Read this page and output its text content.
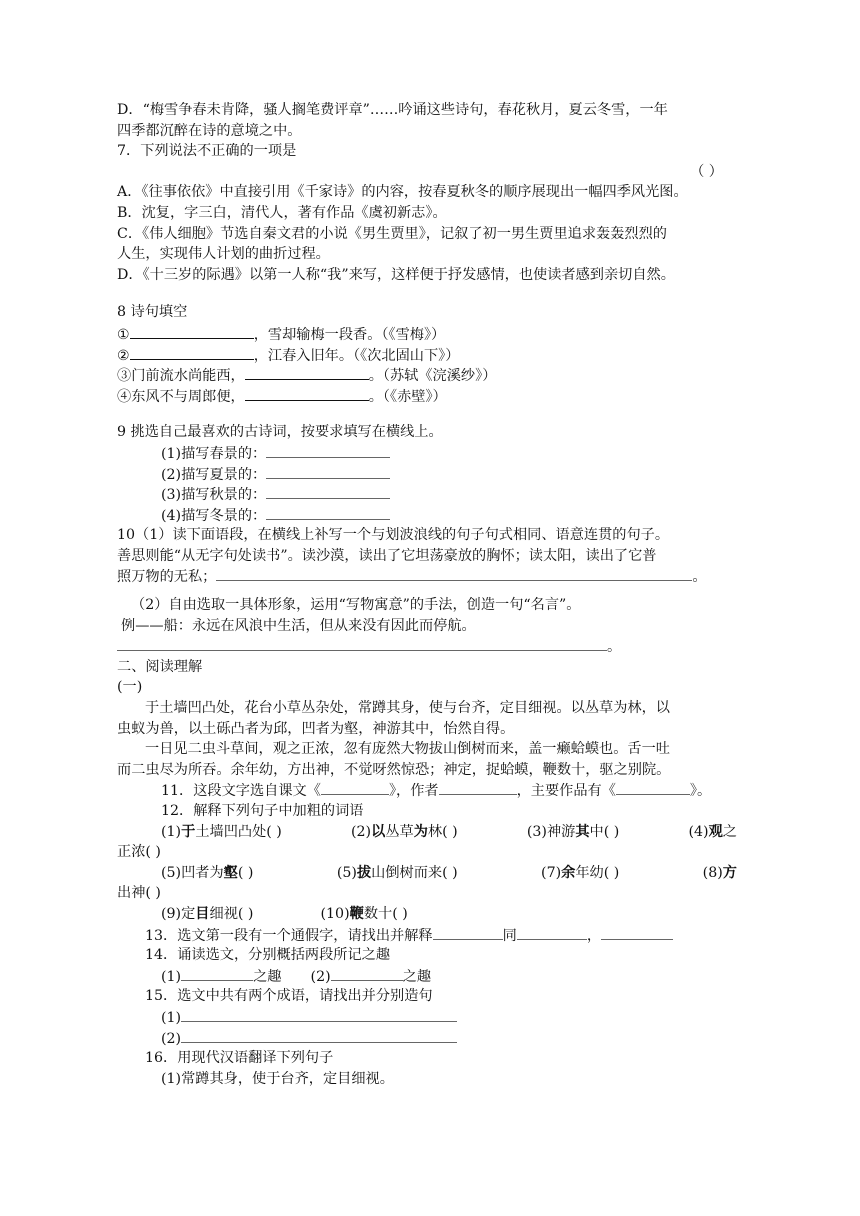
D．“梅雪争春未肯降，骚人搁笔费评章”……吟诵这些诗句，春花秋月，夏云冬雪，一年
四季都沉醉在诗的意境之中。
7．下列说法不正确的一项是
（ ）
A．《往事依依》中直接引用《千家诗》的内容，按春夏秋冬的顺序展现出一幅四季风光图。
B．沈复，字三白，清代人，著有作品《虞初新志》。
C．《伟人细胞》节选自秦文君的小说《男生贾里》，记叙了初一男生贾里追求轰轰烈烈的
人生，实现伟人计划的曲折过程。
D．《十三岁的际遇》以第一人称“我”来写，这样便于抒发感情，也使读者感到亲切自然。
8 诗句填空
①	，雪却输梅一段香。（《雪梅》）
②	，江春入旧年。（《次北固山下》）
③门前流水尚能西，	。（苏轼《浣溪纱》）
④东风不与周郎便，	。（《赤壁》）
9 挑选自己最喜欢的古诗词，按要求填写在横线上。
(1)描写春景的：
(2)描写夏景的：
(3)描写秋景的：
(4)描写冬景的：
10（1）读下面语段，在横线上补写一个与划波浪线的句子句式相同、语意连贯的句子。
善思则能“从无字句处读书”。读沙漠，读出了它坦荡豪放的胸怀；读太阳，读出了它普
照万物的无私；	。
（2）自由选取一具体形象，运用“写物寓意”的手法，创造一句“名言”。
例——船：永远在风浪中生活，但从来没有因此而停航。
。
二、阅读理解
(一)
于土墙凹凸处，花台小草丛杂处，常蹲其身，使与台齐，定目细视。以丛草为林，以
虫蚁为兽，以土砾凸者为邱，凹者为壑，神游其中，怡然自得。
一日见二虫斗草间，观之正浓，忽有庞然大物拔山倒树而来，盖一癞蛤蟆也。舌一吐
而二虫尽为所吞。余年幼，方出神，不觉呀然惊恐；神定，捉蛤蟆，鞭数十，驱之别院。
11．这段文字选自课文《	》，作者	，主要作品有《	》。
12．解释下列句子中加粗的词语
(1)于土墙凹凸处( )	(2)以丛草为林( )	(3)神游其中( )	(4)观之
正浓( )
(5)凹者为壑( )	(5)拔山倒树而来( )	(7)余年幼( )	(8)方
出神( )
(9)定目细视( )	(10)鞭数十( )
13．选文第一段有一个通假字，请找出并解释	同	，
14．诵读选文，分别概括两段所记之趣
(1)	之趣 (2)	之趣
15．选文中共有两个成语，请找出并分别造句
(1)
(2)
16．用现代汉语翻译下列句子
(1)常蹲其身，使于台齐，定目细视。
